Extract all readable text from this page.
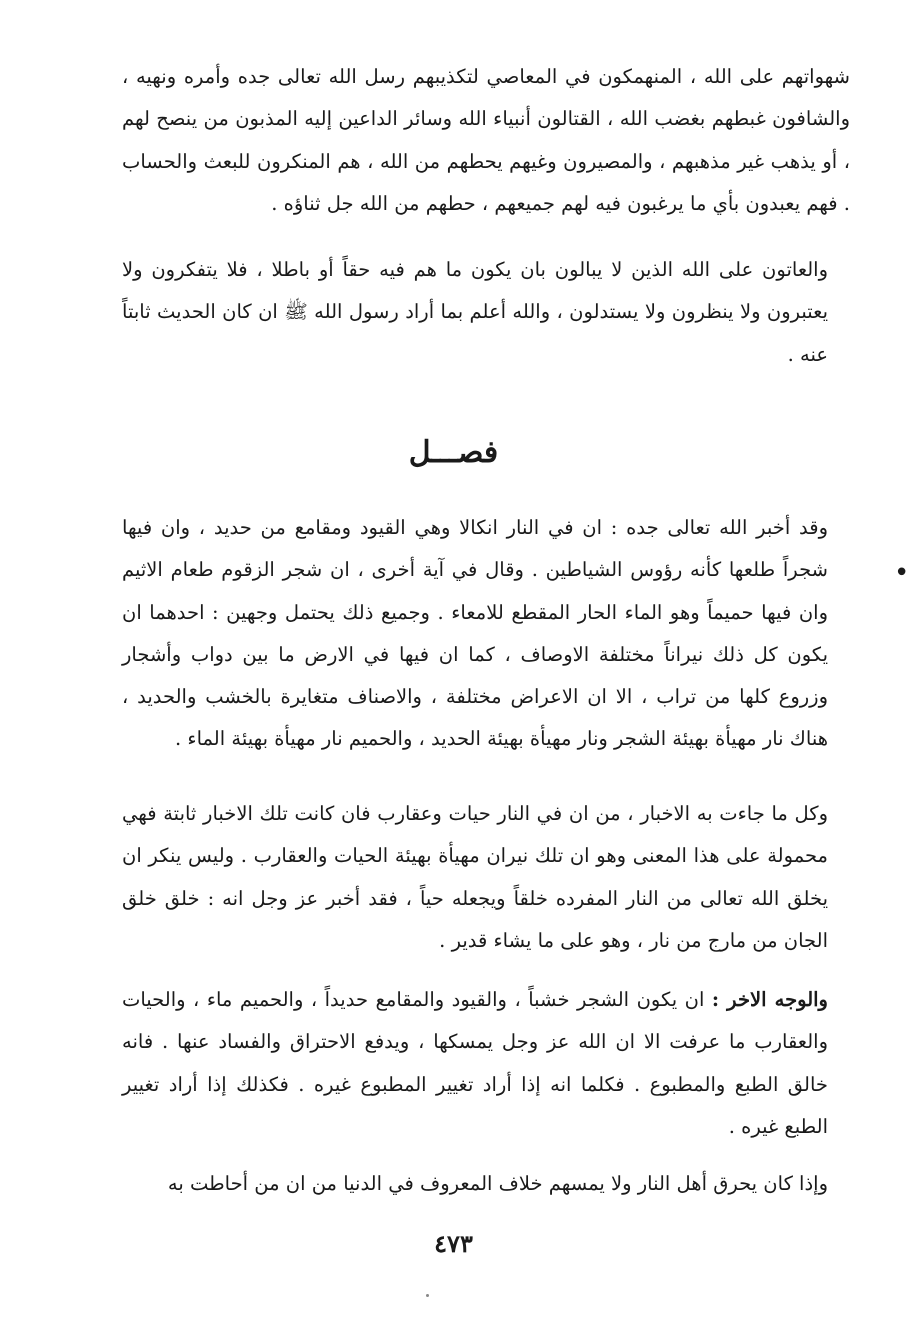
شهواتهم على الله ، المنهمكون في المعاصي لتكذيبهم رسل الله تعالى جده وأمره ونهيه ، والشافون غبطهم بغضب الله ، القتالون أنبياء الله وسائر الداعين إليه المذبون من ينصح لهم ، أو يذهب غير مذهبهم ، والمصيرون وغيهم يحطهم من الله ، هم المنكرون للبعث والحساب . فهم يعبدون بأي ما يرغبون فيه لهم جميعهم ، حطهم من الله جل ثناؤه .

والعاتون على الله الذين لا يبالون بان يكون ما هم فيه حقاً أو باطلا ، فلا يتفكرون ولا يعتبرون ولا ينظرون ولا يستدلون ، والله أعلم بما أراد رسول الله ﷺ ان كان الحديث ثابتاً عنه .

فصـــل
•

وقد أخبر الله تعالى جده : ان في النار انكالا وهي القيود ومقامع من حديد ، وان فيها شجراً طلعها كأنه رؤوس الشياطين . وقال في آية أخرى ، ان شجر الزقوم طعام الاثيم وان فيها حميماً وهو الماء الحار المقطع للامعاء . وجميع ذلك يحتمل وجهين : احدهما ان يكون كل ذلك نيراناً مختلفة الاوصاف ، كما ان فيها في الارض ما بين دواب وأشجار وزروع كلها من تراب ، الا ان الاعراض مختلفة ، والاصناف متغايرة بالخشب والحديد ، هناك نار مهيأة بهيئة الشجر ونار مهيأة بهيئة الحديد ، والحميم نار مهيأة بهيئة الماء .

وكل ما جاءت به الاخبار ، من ان في النار حيات وعقارب فان كانت تلك الاخبار ثابتة فهي محمولة على هذا المعنى وهو ان تلك نيران مهيأة بهيئة الحيات والعقارب . وليس ينكر ان يخلق الله تعالى من النار المفرده خلقاً ويجعله حياً ، فقد أخبر عز وجل انه : خلق خلق الجان من مارج من نار ، وهو على ما يشاء قدير .

والوجه الاخر : ان يكون الشجر خشباً ، والقيود والمقامع حديداً ، والحميم ماء ، والحيات والعقارب ما عرفت الا ان الله عز وجل يمسكها ، ويدفع الاحتراق والفساد عنها . فانه خالق الطبع والمطبوع . فكلما انه إذا أراد تغيير المطبوع غيره . فكذلك إذا أراد تغيير الطبع غيره .

وإذا كان يحرق أهل النار ولا يمسهم خلاف المعروف في الدنيا من ان من أحاطت به

٤٧٣
